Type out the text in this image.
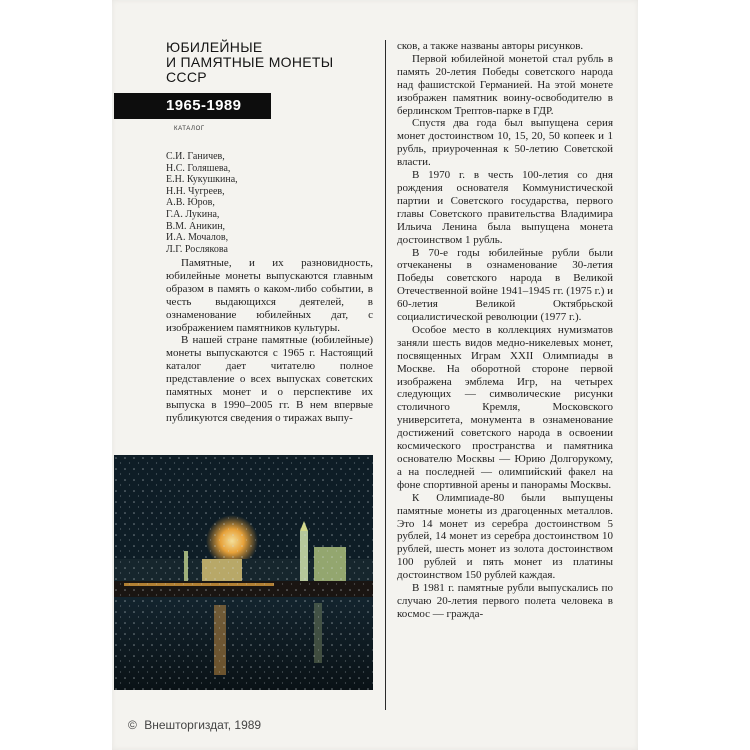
ЮБИЛЕЙНЫЕ
И ПАМЯТНЫЕ МОНЕТЫ
СССР
1965-1989
КАТАЛОГ
С.И. Ганичев,
Н.С. Голяшева,
Е.Н. Кукушкина,
Н.Н. Чугреев,
А.В. Юров,
Г.А. Лукина,
В.М. Аникин,
И.А. Мочалов,
Л.Г. Рослякова

Памятные, и их разновидность, юбилейные монеты выпускаются главным образом в память о каком-либо событии, в честь выдающихся деятелей, в ознаменование юбилейных дат, с изображением памятников культуры.

В нашей стране памятные (юбилейные) монеты выпускаются с 1965 г. Настоящий каталог дает читателю полное представление о всех выпусках советских памятных монет и о перспективе их выпуска в 1990–2005 гг. В нем впервые публикуются сведения о тиражах выпу-

сков, а также названы авторы рисунков.

Первой юбилейной монетой стал рубль в память 20-летия Победы советского народа над фашистской Германией. На этой монете изображен памятник воину-освободителю в берлинском Трептов-парке в ГДР.

Спустя два года был выпущена серия монет достоинством 10, 15, 20, 50 копеек и 1 рубль, приуроченная к 50-летию Советской власти.

В 1970 г. в честь 100-летия со дня рождения основателя Коммунистической партии и Советского государства, первого главы Советского правительства Владимира Ильича Ленина была выпущена монета достоинством 1 рубль.

В 70-е годы юбилейные рубли были отчеканены в ознаменование 30-летия Победы советского народа в Великой Отечественной войне 1941–1945 гг. (1975 г.) и 60-летия Великой Октябрьской социалистической революции (1977 г.).

Особое место в коллекциях нумизматов заняли шесть видов медно-никелевых монет, посвященных Играм XXII Олимпиады в Москве. На оборотной стороне первой изображена эмблема Игр, на четырех следующих — символические рисунки столичного Кремля, Московского университета, монумента в ознаменование достижений советского народа в освоении космического пространства и памятника основателю Москвы — Юрию Долгорукому, а на последней — олимпийский факел на фоне спортивной арены и панорамы Москвы.

К Олимпиаде-80 были выпущены памятные монеты из драгоценных металлов. Это 14 монет из серебра достоинством 5 рублей, 14 монет из серебра достоинством 10 рублей, шесть монет из золота достоинством 100 рублей и пять монет из платины достоинством 150 рублей каждая.

В 1981 г. памятные рубли выпускались по случаю 20-летия первого полета человека в космос — гражда-

© Внешторгиздат, 1989
